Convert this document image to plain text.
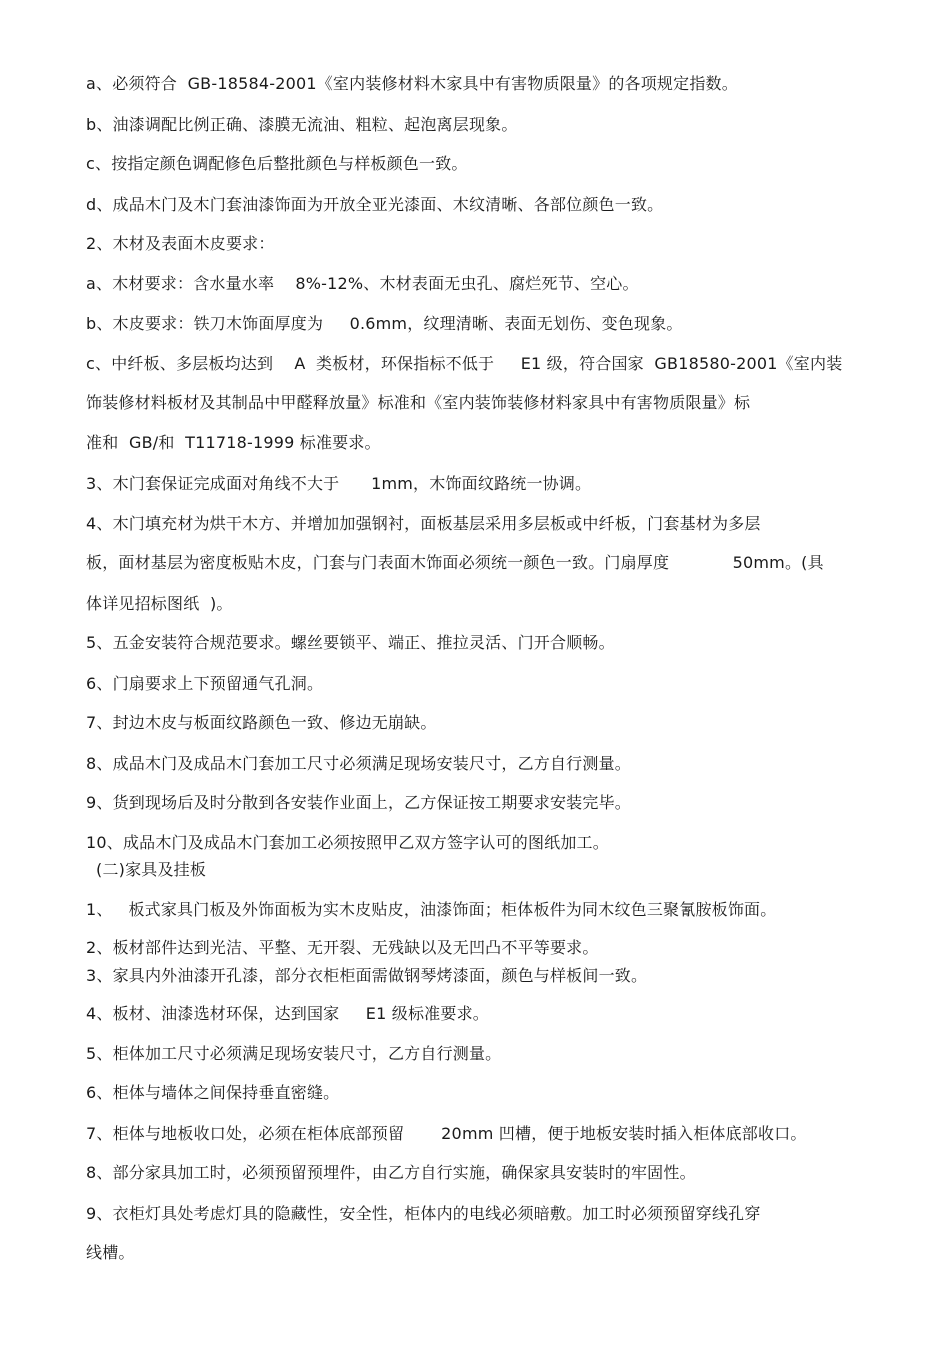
a、必须符合  GB-18584-2001《室内装修材料木家具中有害物质限量》的各项规定指数。
b、油漆调配比例正确、漆膜无流油、粗粒、起泡离层现象。
c、按指定颜色调配修色后整批颜色与样板颜色一致。
d、成品木门及木门套油漆饰面为开放全亚光漆面、木纹清晰、各部位颜色一致。
2、木材及表面木皮要求：
a、木材要求：含水量水率    8%-12%、木材表面无虫孔、腐烂死节、空心。
b、木皮要求：铁刀木饰面厚度为     0.6mm，纹理清晰、表面无划伤、变色现象。
c、中纤板、多层板均达到    A  类板材，环保指标不低于     E1 级，符合国家  GB18580-2001《室内装
饰装修材料板材及其制品中甲醛释放量》标准和《室内装饰装修材料家具中有害物质限量》标
准和  GB/和  T11718-1999 标准要求。
3、木门套保证完成面对角线不大于      1mm，木饰面纹路统一协调。
4、木门填充材为烘干木方、并增加加强钢衬，面板基层采用多层板或中纤板，门套基材为多层
板，面材基层为密度板贴木皮，门套与门表面木饰面必须统一颜色一致。门扇厚度            50mm。(具
体详见招标图纸  )。
5、五金安装符合规范要求。螺丝要锁平、端正、推拉灵活、门开合顺畅。
6、门扇要求上下预留通气孔洞。
7、封边木皮与板面纹路颜色一致、修边无崩缺。
8、成品木门及成品木门套加工尺寸必须满足现场安装尺寸，乙方自行测量。
9、货到现场后及时分散到各安装作业面上，乙方保证按工期要求安装完毕。
10、成品木门及成品木门套加工必须按照甲乙双方签字认可的图纸加工。
(二)家具及挂板
1、   板式家具门板及外饰面板为实木皮贴皮，油漆饰面；柜体板件为同木纹色三聚氰胺板饰面。
2、板材部件达到光洁、平整、无开裂、无残缺以及无凹凸不平等要求。
3、家具内外油漆开孔漆，部分衣柜柜面需做钢琴烤漆面，颜色与样板间一致。
4、板材、油漆选材环保，达到国家     E1 级标准要求。
5、柜体加工尺寸必须满足现场安装尺寸，乙方自行测量。
6、柜体与墙体之间保持垂直密缝。
7、柜体与地板收口处，必须在柜体底部预留       20mm 凹槽，便于地板安装时插入柜体底部收口。
8、部分家具加工时，必须预留预埋件，由乙方自行实施，确保家具安装时的牢固性。
9、衣柜灯具处考虑灯具的隐藏性，安全性，柜体内的电线必须暗敷。加工时必须预留穿线孔穿
线槽。
